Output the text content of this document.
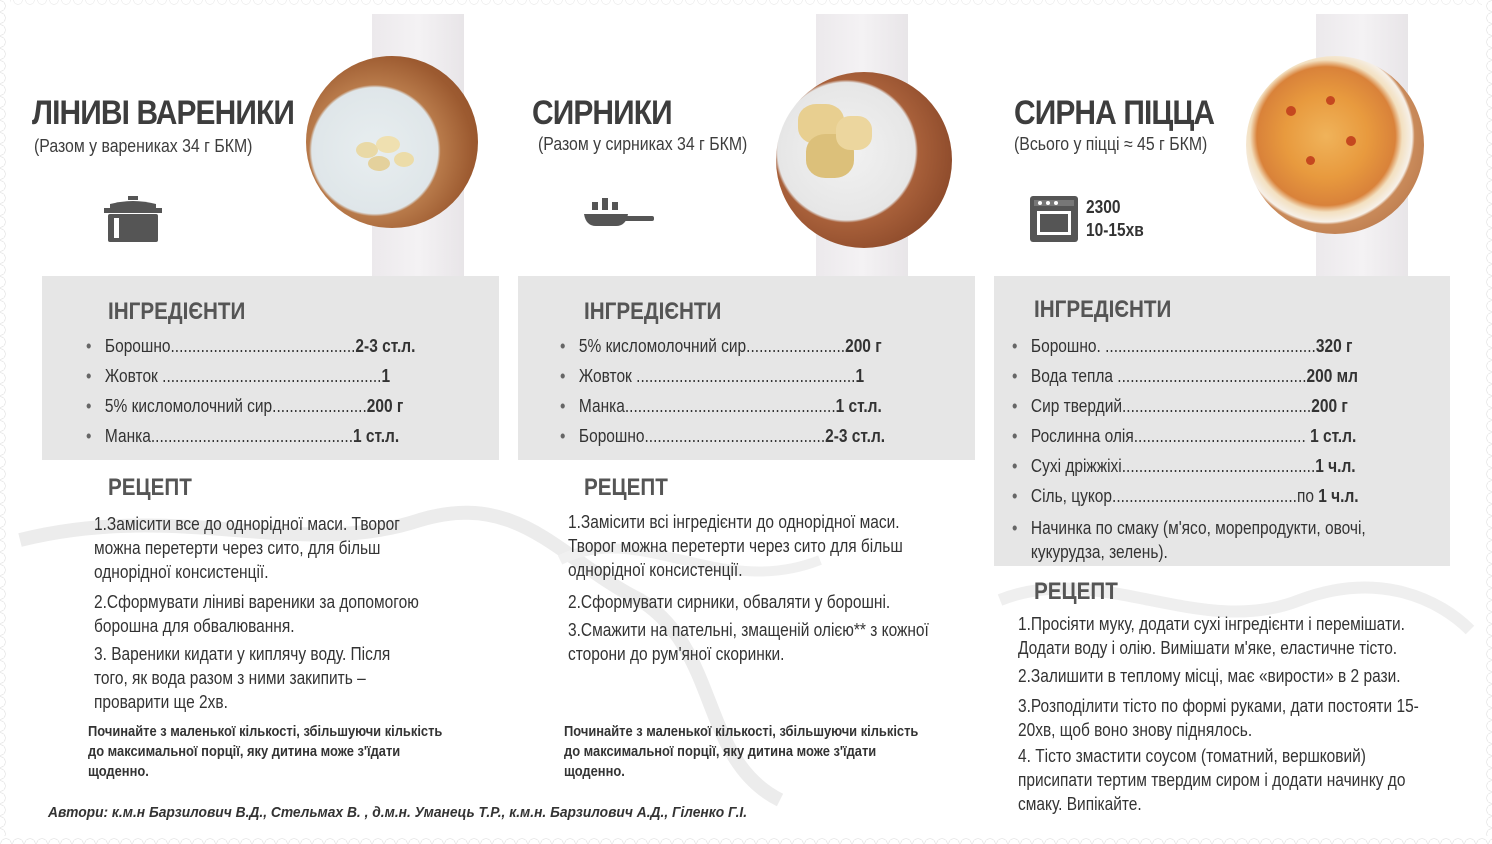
ЛІНИВІ ВАРЕНИКИ
(Разом у варениках 34 г БКМ)
ІНГРЕДІЄНТИ
• Борошно...........................................2-3 ст.л.
• Жовток ...................................................1
• 5% кисломолочний сир......................200 г
• Манка...............................................1 ст.л.
РЕЦЕПТ
1.Замісити все до однорідної маси. Творог можна перетерти через сито, для більш однорідної консистенції.
2.Сформувати ліниві вареники за допомогою борошна для обвалювання.
3. Вареники кидати у киплячу воду. Після того, як вода разом з ними закипить – проварити ще 2хв.
Починайте з маленької кількості, збільшуючи кількість до максимальної порції, яку дитина може з'їдати щоденно.
СИРНИКИ
(Разом у сирниках 34 г БКМ)
ІНГРЕДІЄНТИ
• 5% кисломолочний сир.......................200 г
• Жовток ...................................................1
• Манка.................................................1 ст.л.
• Борошно..........................................2-3 ст.л.
РЕЦЕПТ
1.Замісити всі інгредієнти до однорідної маси. Творог можна перетерти через сито для більш однорідної консистенції.
2.Сформувати сирники, обваляти у борошні.
3.Смажити на пательні, змащеній олією** з кожної сторони до рум'яної скоринки.
Починайте з маленької кількості, збільшуючи кількість до максимальної порції, яку дитина може з'їдати щоденно.
СИРНА ПІЦЦА
(Всього у піцці ≈ 45 г БКМ)
2300
10-15хв
ІНГРЕДІЄНТИ
• Борошно. .................................................320 г
• Вода тепла ............................................200 мл
• Сир твердий............................................200 г
• Рослинна олія........................................ 1 ст.л.
• Сухі дріжжіхі.............................................1 ч.л.
• Сіль, цукор...........................................по 1 ч.л.
• Начинка по смаку (м'ясо, морепродукти, овочі, кукурудза, зелень).
РЕЦЕПТ
1.Просіяти муку, додати сухі інгредієнти і перемішати. Додати воду і олію. Вимішати м'яке, еластичне тісто.
2.Залишити в теплому місці, має «вирости» в 2 рази.
3.Розподілити тісто по формі руками, дати постояти 15-20хв, щоб воно знову піднялось.
4. Тісто змастити соусом (томатний, вершковий) присипати тертим твердим сиром і додати начинку до смаку. Випікайте.
Автори: к.м.н Барзилович В.Д., Стельмах В. , д.м.н. Уманець Т.Р., к.м.н. Барзилович А.Д., Гіленко Г.І.
